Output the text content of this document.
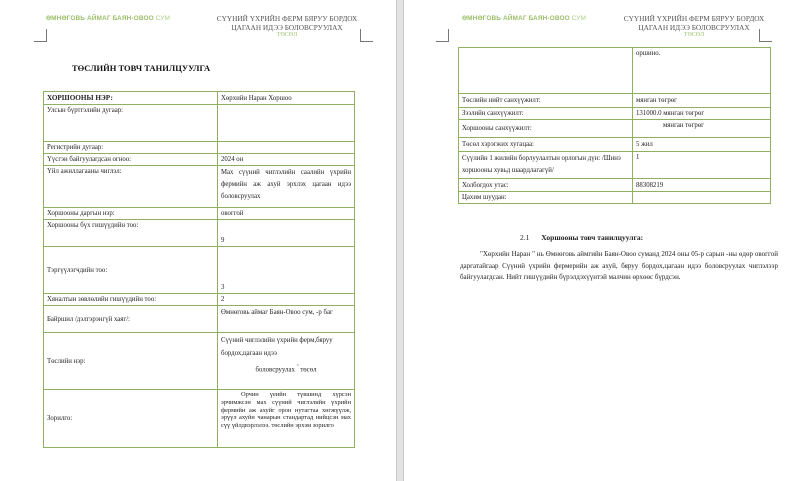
ӨМНӨГОВЬ АЙМАГ БАЯН-ОВОО СУМ	СҮҮНИЙ ҮХРИЙН ФЕРМ БЯРУУ БОРДОХ
ЦАГААН ИДЭЭ БОЛОВСРУУЛАХ
ТӨСӨЛ
ТӨСЛИЙН ТОВЧ ТАНИЛЦУУЛГА
ХОРШООНЫ НЭР:	Хөрхийн Наран Хоршоо
Улсын бүртгэлийн дугаар:	
Регистрийн дугаар:	
Үүсгэн байгуулагдсан огноо:	2024 он
Үйл ажиллагааны чиглэл:	Мах сүүний чиглэлийн саалийн үхрийн фермийн аж ахуй эрхлэх цагаан идээ боловсруулах
Хоршооны даргын нэр:	овоггой
Хоршооны бүх гишүүдийн тоо:	9
Тэргүүлэгчдийн тоо:	3
Хяналтын зөвлөлийн гишүүдийн тоо:	2
Байршил /дэлгэрэнгүй хаяг/:	Өмнөговь аймаг Баян-Овоо сум, -р баг
Төслийн нэр:	Сүүний чиглэлийн үхрийн ферм,бяруу бордох,цагаан идээ
боловсруулах " төсөл

Зорилго:	Орчин үеийн түвшинд хүрсэн эрчимжсэн мах сүүний чиглэлийн үхрийн фермийн аж ахуйг орон нутагтаа хөгжүүлж, эрүүл ахуйн чанарын стандартад нийцсэн мах сүү үйлдвэрлэлээ. төслийн эрхэм зорилго
ӨМНӨГОВЬ АЙМАГ БАЯН-ОВОО СУМ	СҮҮНИЙ ҮХРИЙН ФЕРМ БЯРУУ БОРДОХ
ЦАГААН ИДЭЭ БОЛОВСРУУЛАХ
ТӨСӨЛ
	оршино.
Төслийн нийт санхүүжилт:	мянган төгрөг
Зээлийн санхүүжилт:	131000.0 мянган төгрөг
Хоршооны санхүүжилт:	мянган төгрөг
Төсөл хэрэгжих хугацаа:	5 жил
Сүүлийн 1 жилийн борлуулалтын орлогын дүн: /Шинэ хоршооны хувьд шаардлагагүй/	1
Холбогдох утас:	88308219
Цахим шуудан:	
2.1 Хоршооны товч танилцуулга:
"Хөрхийн Наран " нь Өмнөговь аймгийн Баян-Овоо суманд 2024 оны 05-р сарын -ны өдөр овоггой даргатайгаар Сүүний үхрийн фермерийн аж ахуй, бяруу бордох,цагаан идээ боловсруулах чиглэлээр байгуулагдсан. Нийт гишүүдийн бүрэлдэхүүнтэй малчин өрхөөс бүрдсэн.
